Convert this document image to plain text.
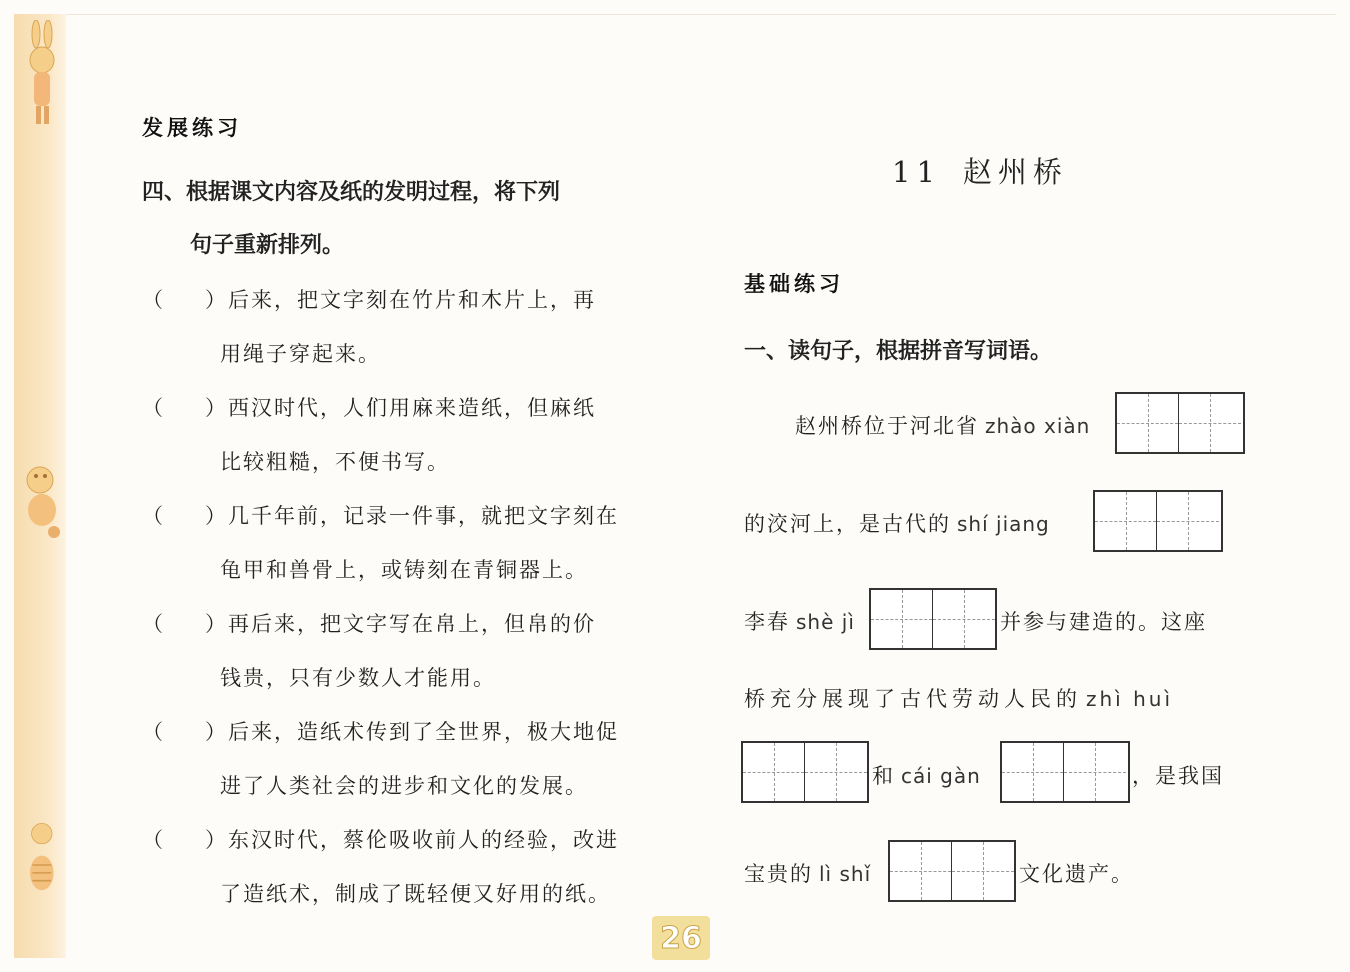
发展练习
四、根据课文内容及纸的发明过程，将下列
句子重新排列。
（ ）后来，把文字刻在竹片和木片上，再
用绳子穿起来。
（ ）西汉时代，人们用麻来造纸，但麻纸
比较粗糙，不便书写。
（ ）几千年前，记录一件事，就把文字刻在
龟甲和兽骨上，或铸刻在青铜器上。
（ ）再后来，把文字写在帛上，但帛的价
钱贵，只有少数人才能用。
（ ）后来，造纸术传到了全世界，极大地促
进了人类社会的进步和文化的发展。
（ ）东汉时代，蔡伦吸收前人的经验，改进
了造纸术，制成了既轻便又好用的纸。
11 赵州桥
基础练习
一、读句子，根据拼音写词语。
赵州桥位于河北省 zhào xiàn
的洨河上，是古代的 shí jiang
李春 shè jì	并参与建造的。这座
桥充分展现了古代劳动人民的 zhì huì
和 cái gàn	，是我国
宝贵的 lì shǐ	文化遗产。
26
